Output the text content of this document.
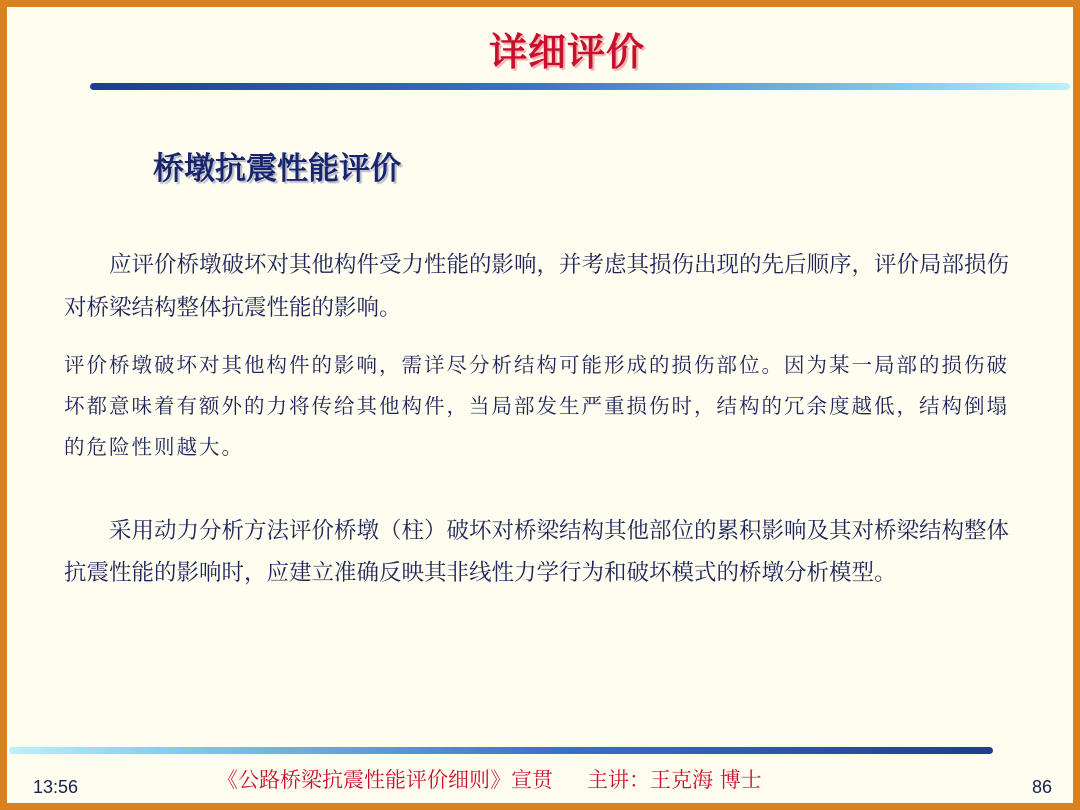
详细评价
桥墩抗震性能评价

应评价桥墩破坏对其他构件受力性能的影响，并考虑其损伤出现的先后顺序，评价局部损伤对桥梁结构整体抗震性能的影响。

评价桥墩破坏对其他构件的影响，需详尽分析结构可能形成的损伤部位。因为某一局部的损伤破坏都意味着有额外的力将传给其他构件，当局部发生严重损伤时，结构的冗余度越低，结构倒塌的危险性则越大。

采用动力分析方法评价桥墩（柱）破坏对桥梁结构其他部位的累积影响及其对桥梁结构整体抗震性能的影响时，应建立准确反映其非线性力学行为和破坏模式的桥墩分析模型。

13:56	《公路桥梁抗震性能评价细则》宣贯 主讲：王克海 博士	86
